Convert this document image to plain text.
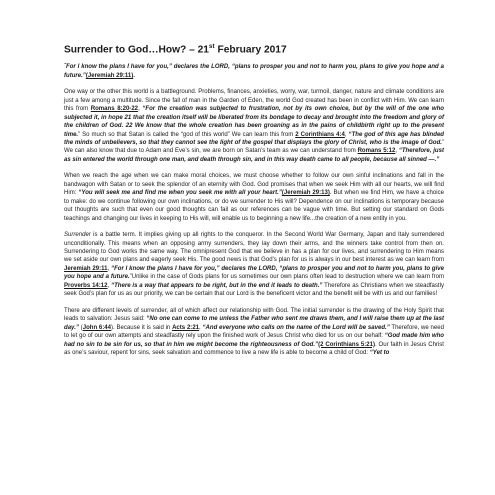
Surrender to God…How? – 21st February 2017

ˆFor I know the plans I have for you,” declares the LORD, “plans to prosper you and not to harm you, plans to give you hope and a future.”(Jeremiah 29:11).

One way or the other this world is a battleground. Problems, finances, anxieties, worry, war, turmoil, danger, nature and climate conditions are just a few among a multitude. Since the fall of man in the Garden of Eden, the world God created has been in conflict with Him. We can learn this from Romans 8:20-22, “For the creation was subjected to frustration, not by its own choice, but by the will of the one who subjected it, in hope 21 that the creation itself will be liberated from its bondage to decay and brought into the freedom and glory of the children of God. 22 We know that the whole creation has been groaning as in the pains of childbirth right up to the present time.” So much so that Satan is called the “god of this world” We can learn this from 2 Corinthians 4:4, “The god of this age has blinded the minds of unbelievers, so that they cannot see the light of the gospel that displays the glory of Christ, who is the image of God.” We can also know that due to Adam and Eve’s sin, we are born on Satan’s team as we can understand from Romans 5:12, “Therefore, just as sin entered the world through one man, and death through sin, and in this way death came to all people, because all sinned —.”

When we reach the age when we can make moral choices, we must choose whether to follow our own sinful inclinations and fall in the bandwagon with Satan or to seek the splendor of an eternity with God. God promises that when we seek Him with all our hearts, we will find Him: “You will seek me and find me when you seek me with all your heart.”(Jeremiah 29:13). But when we find Him, we have a choice to make: do we continue following our own inclinations, or do we surrender to His will? Dependence on our inclinations is temporary because out thoughts are such that even our good thoughts can fail as our references can be vague with time. But setting our standard on Gods teachings and changing our lives in keeping to His will, will enable us to beginning a new life...the creation of a new entity in you.

Surrender is a battle term. It implies giving up all rights to the conqueror. In the Second World War Germany, Japan and Italy surrendered unconditionally. This means when an opposing army surrenders, they lay down their arms, and the winners take control from then on. Surrendering to God works the same way. The omnipresent God that we believe in has a plan for our lives, and surrendering to Him means we set aside our own plans and eagerly seek His. The good news is that God’s plan for us is always in our best interest as we can learn from Jeremiah 29:11, “For I know the plans I have for you,” declares the LORD, “plans to prosper you and not to harm you, plans to give you hope and a future.”Unlike in the case of Gods plans for us sometimes our own plans often lead to destruction where we can learn from Proverbs 14:12, “There is a way that appears to be right, but in the end it leads to death.” Therefore as Christians when we steadfastly seek God’s plan for us as our priority, we can be certain that our Lord is the beneficent victor and the benefit will be with us and our families!

There are different levels of surrender, all of which affect our relationship with God. The initial surrender is the drawing of the Holy Spirit that leads to salvation: Jesus said: “No one can come to me unless the Father who sent me draws them, and I will raise them up at the last day.” (John 6:44). Because it is said in Acts 2:21, “And everyone who calls on the name of the Lord will be saved.” Therefore, we need to let go of our own attempts and steadfastly rely upon the finished work of Jesus Christ who died for us on our behalf: “God made him who had no sin to be sin for us, so that in him we might become the righteousness of God.”(2 Corinthians 5:21). Our faith in Jesus Christ as one’s saviour, repent for sins, seek salvation and commence to live a new life is able to become a child of God: “Yet to
